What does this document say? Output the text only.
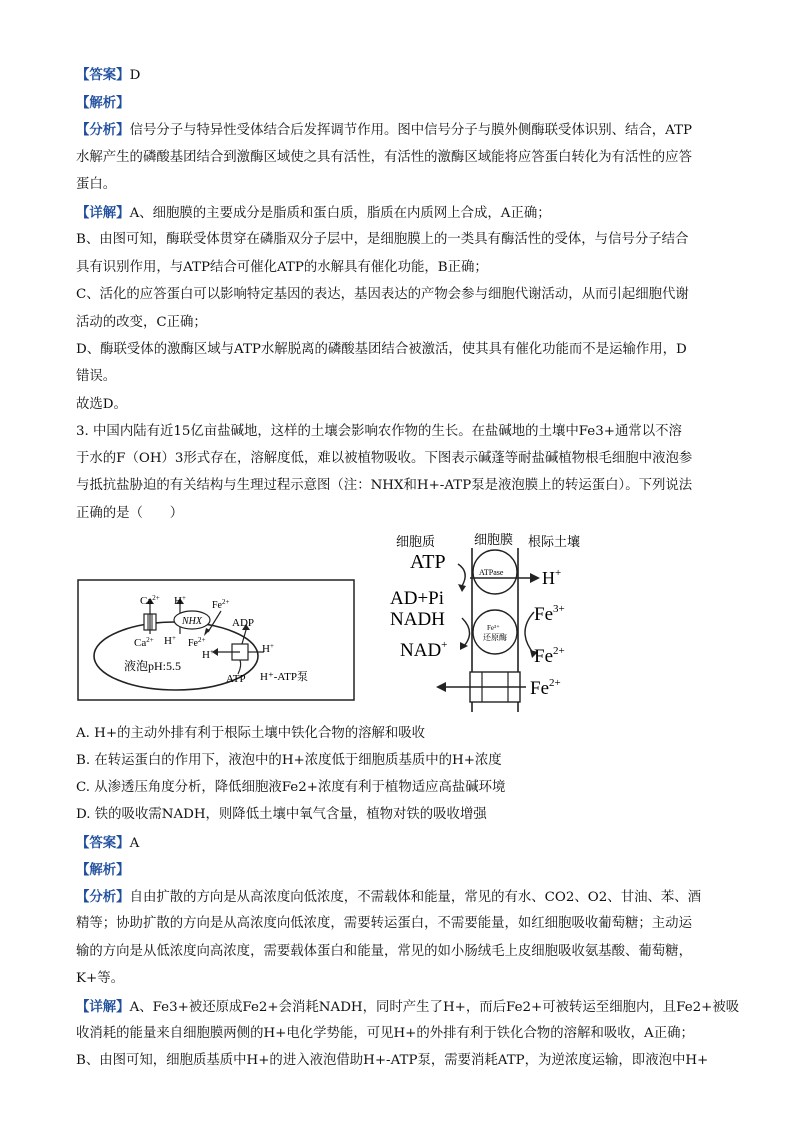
【答案】D
【解析】
【分析】信号分子与特异性受体结合后发挥调节作用。图中信号分子与膜外侧酶联受体识别、结合，ATP
水解产生的磷酸基团结合到激酶区域使之具有活性，有活性的激酶区域能将应答蛋白转化为有活性的应答
蛋白。
【详解】A、细胞膜的主要成分是脂质和蛋白质，脂质在内质网上合成，A正确；
B、由图可知，酶联受体贯穿在磷脂双分子层中，是细胞膜上的一类具有酶活性的受体，与信号分子结合
具有识别作用，与ATP结合可催化ATP的水解具有催化功能，B正确；
C、活化的应答蛋白可以影响特定基因的表达，基因表达的产物会参与细胞代谢活动，从而引起细胞代谢
活动的改变，C正确；
D、酶联受体的激酶区域与ATP水解脱离的磷酸基团结合被激活，使其具有催化功能而不是运输作用，D
错误。
故选D。
3. 中国内陆有近15亿亩盐碱地，这样的土壤会影响农作物的生长。在盐碱地的土壤中Fe3+通常以不溶
于水的F（OH）3形式存在，溶解度低，难以被植物吸收。下图表示碱蓬等耐盐碱植物根毛细胞中液泡参
与抵抗盐胁迫的有关结构与生理过程示意图（注：NHX和H+-ATP泵是液泡膜上的转运蛋白）。下列说法
正确的是（　　）
NHX
$Ca^{2+}$ H+
$Fe^{2+}$
$Ca^{2+}$ H+ $Fe^{2+}$
ADP
H+	H+
液泡pH:5.5
ATP H⁺-ATP泵
细胞质	细胞膜 根际土壤
ATPase
ATP
H+
AD+Pi
NADH	Fe³⁺
还原酶
$Fe^{3+}$
NAD+
$Fe^{2+}$
$Fe^{2+}$
A. H+的主动外排有利于根际土壤中铁化合物的溶解和吸收
B. 在转运蛋白的作用下，液泡中的H+浓度低于细胞质基质中的H+浓度
C. 从渗透压角度分析，降低细胞液Fe2+浓度有利于植物适应高盐碱环境
D. 铁的吸收需NADH，则降低土壤中氧气含量，植物对铁的吸收增强
【答案】A
【解析】
【分析】自由扩散的方向是从高浓度向低浓度，不需载体和能量，常见的有水、CO2、O2、甘油、苯、酒
精等；协助扩散的方向是从高浓度向低浓度，需要转运蛋白，不需要能量，如红细胞吸收葡萄糖；主动运
输的方向是从低浓度向高浓度，需要载体蛋白和能量，常见的如小肠绒毛上皮细胞吸收氨基酸、葡萄糖，
K+等。
【详解】A、Fe3+被还原成Fe2+会消耗NADH，同时产生了H+，而后Fe2+可被转运至细胞内，且Fe2+被吸
收消耗的能量来自细胞膜两侧的H+电化学势能，可见H+的外排有利于铁化合物的溶解和吸收，A正确；
B、由图可知，细胞质基质中H+的进入液泡借助H+-ATP泵，需要消耗ATP，为逆浓度运输，即液泡中H+
